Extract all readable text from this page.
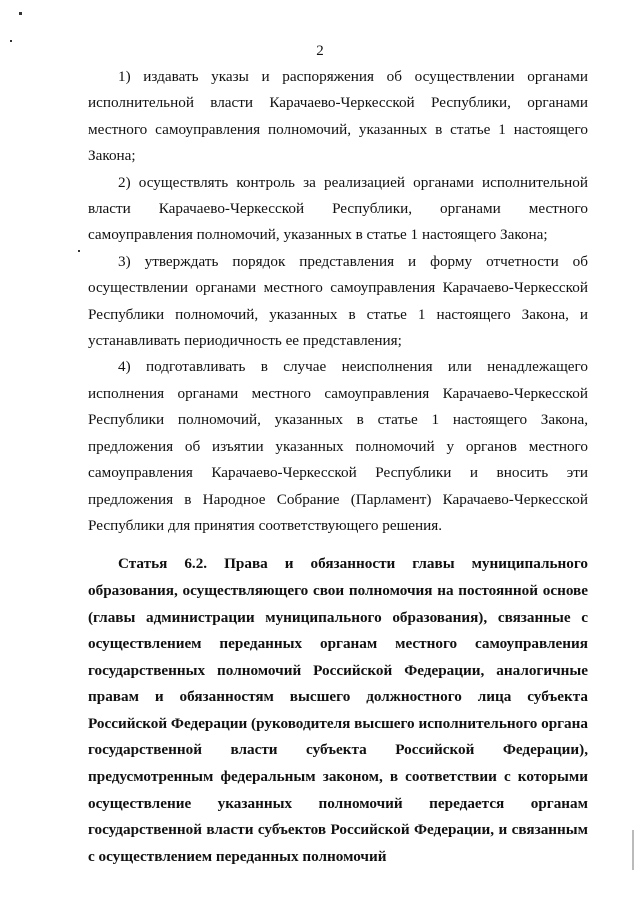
2

1) издавать указы и распоряжения об осуществлении органами исполнительной власти Карачаево-Черкесской Республики, органами местного самоуправления полномочий, указанных в статье 1 настоящего Закона;

2) осуществлять контроль за реализацией органами исполнительной власти Карачаево-Черкесской Республики, органами местного самоуправления полномочий, указанных в статье 1 настоящего Закона;

3) утверждать порядок представления и форму отчетности об осуществлении органами местного самоуправления Карачаево-Черкесской Республики полномочий, указанных в статье 1 настоящего Закона, и устанавливать периодичность ее представления;

4) подготавливать в случае неисполнения или ненадлежащего исполнения органами местного самоуправления Карачаево-Черкесской Республики полномочий, указанных в статье 1 настоящего Закона, предложения об изъятии указанных полномочий у органов местного самоуправления Карачаево-Черкесской Республики и вносить эти предложения в Народное Собрание (Парламент) Карачаево-Черкесской Республики для принятия соответствующего решения.

Статья 6.2. Права и обязанности главы муниципального образования, осуществляющего свои полномочия на постоянной основе (главы администрации муниципального образования), связанные с осуществлением переданных органам местного самоуправления государственных полномочий Российской Федерации, аналогичные правам и обязанностям высшего должностного лица субъекта Российской Федерации (руководителя высшего исполнительного органа государственной власти субъекта Российской Федерации), предусмотренным федеральным законом, в соответствии с которыми осуществление указанных полномочий передается органам государственной власти субъектов Российской Федерации, и связанным с осуществлением переданных полномочий
